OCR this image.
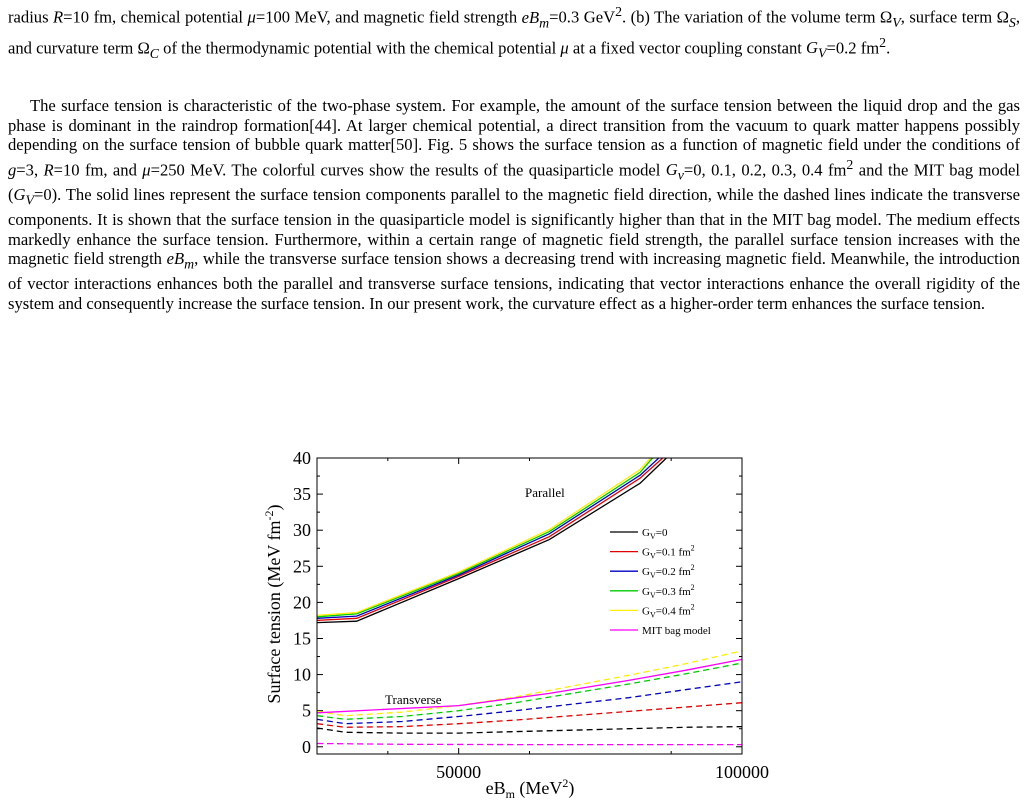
radius R=10 fm, chemical potential μ=100 MeV, and magnetic field strength $eB_m=0.3$ GeV$^2$. (b) The variation of the volume term $\Omega_V$, surface term $\Omega_S$, and curvature term $\Omega_C$ of the thermodynamic potential with the chemical potential μ at a fixed vector coupling constant $G_V=0.2$ $fm^2$.

The surface tension is characteristic of the two-phase system. For example, the amount of the surface tension between the liquid drop and the gas phase is dominant in the raindrop formation[44]. At larger chemical potential, a direct transition from the vacuum to quark matter happens possibly depending on the surface tension of bubble quark matter[50]. Fig. 5 shows the surface tension as a function of magnetic field under the conditions of g=3, R=10 fm, and μ=250 MeV. The colorful curves show the results of the quasiparticle model $G_v=0$, 0.1, 0.2, 0.3, 0.4 $fm^2$ and the MIT bag model $(G_V=0)$. The solid lines represent the surface tension components parallel to the magnetic field direction, while the dashed lines indicate the transverse components. It is shown that the surface tension in the quasiparticle model is significantly higher than that in the MIT bag model. The medium effects markedly enhance the surface tension. Furthermore, within a certain range of magnetic field strength, the parallel surface tension increases with the magnetic field strength $eB_m$, while the transverse surface tension shows a decreasing trend with increasing magnetic field. Meanwhile, the introduction of vector interactions enhances both the parallel and transverse surface tensions, indicating that vector interactions enhance the overall rigidity of the system and consequently increase the surface tension. In our present work, the curvature effect as a higher-order term enhances the surface tension.

0
5
10
15
20
25
30
35
40
50000	100000
$eB_m$ (MeV$^2$)
Surface tension (MeV $fm^{-2}$)
$G_V=0$
$G_V=0.1$ $fm^2$
$G_V=0.2$ $fm^2$
$G_V=0.3$ $fm^2$
$G_V=0.4$ $fm^2$
MIT bag model
Parallel
Transverse
